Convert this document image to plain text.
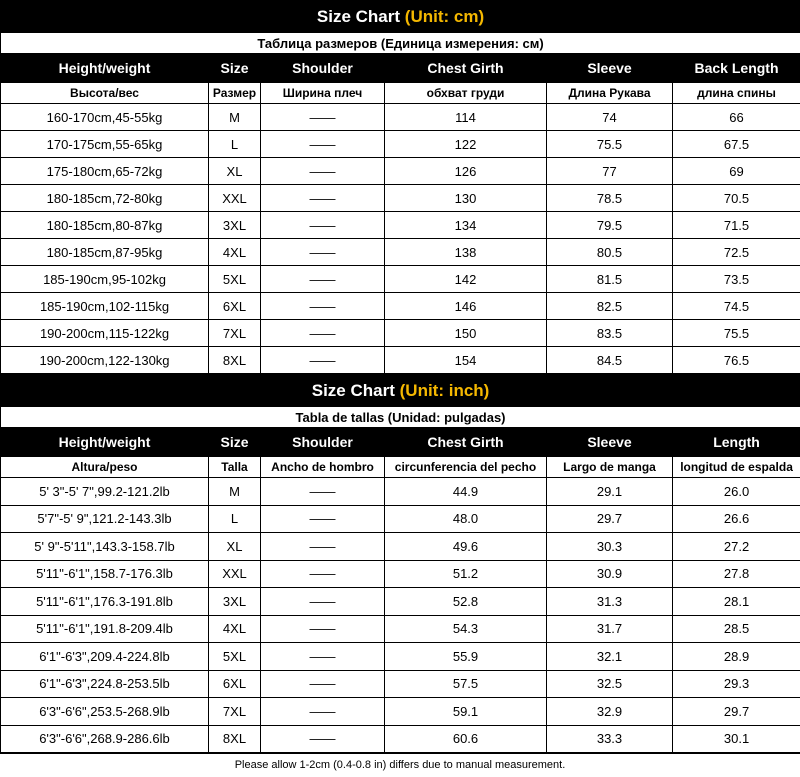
Size Chart (Unit: cm)					
Таблица размеров (Единица измерения: см)					
Height/weight	Size	Shoulder	Chest Girth	Sleeve	Back Length
Высота/вес	Размер	Ширина плеч	обхват груди	Длина Рукава	длина спины
160-170cm,45-55kg	M	——	114	74	66
170-175cm,55-65kg	L	——	122	75.5	67.5
175-180cm,65-72kg	XL	——	126	77	69
180-185cm,72-80kg	XXL	——	130	78.5	70.5
180-185cm,80-87kg	3XL	——	134	79.5	71.5
180-185cm,87-95kg	4XL	——	138	80.5	72.5
185-190cm,95-102kg	5XL	——	142	81.5	73.5
185-190cm,102-115kg	6XL	——	146	82.5	74.5
190-200cm,115-122kg	7XL	——	150	83.5	75.5
190-200cm,122-130kg	8XL	——	154	84.5	76.5
Size Chart (Unit: inch)					
Tabla de tallas (Unidad: pulgadas)					
Height/weight	Size	Shoulder	Chest Girth	Sleeve	Length
Altura/peso	Talla	Ancho de hombro	circunferencia del pecho	Largo de manga	longitud de espalda
5' 3"-5' 7",99.2-121.2lb	M	——	44.9	29.1	26.0
5'7"-5' 9",121.2-143.3lb	L	——	48.0	29.7	26.6
5' 9"-5'11",143.3-158.7lb	XL	——	49.6	30.3	27.2
5'11"-6'1",158.7-176.3lb	XXL	——	51.2	30.9	27.8
5'11"-6'1",176.3-191.8lb	3XL	——	52.8	31.3	28.1
5'11"-6'1",191.8-209.4lb	4XL	——	54.3	31.7	28.5
6'1"-6'3",209.4-224.8lb	5XL	——	55.9	32.1	28.9
6'1"-6'3",224.8-253.5lb	6XL	——	57.5	32.5	29.3
6'3"-6'6",253.5-268.9lb	7XL	——	59.1	32.9	29.7
6'3"-6'6",268.9-286.6lb	8XL	——	60.6	33.3	30.1
Please allow 1-2cm (0.4-0.8 in) differs due to manual measurement.
